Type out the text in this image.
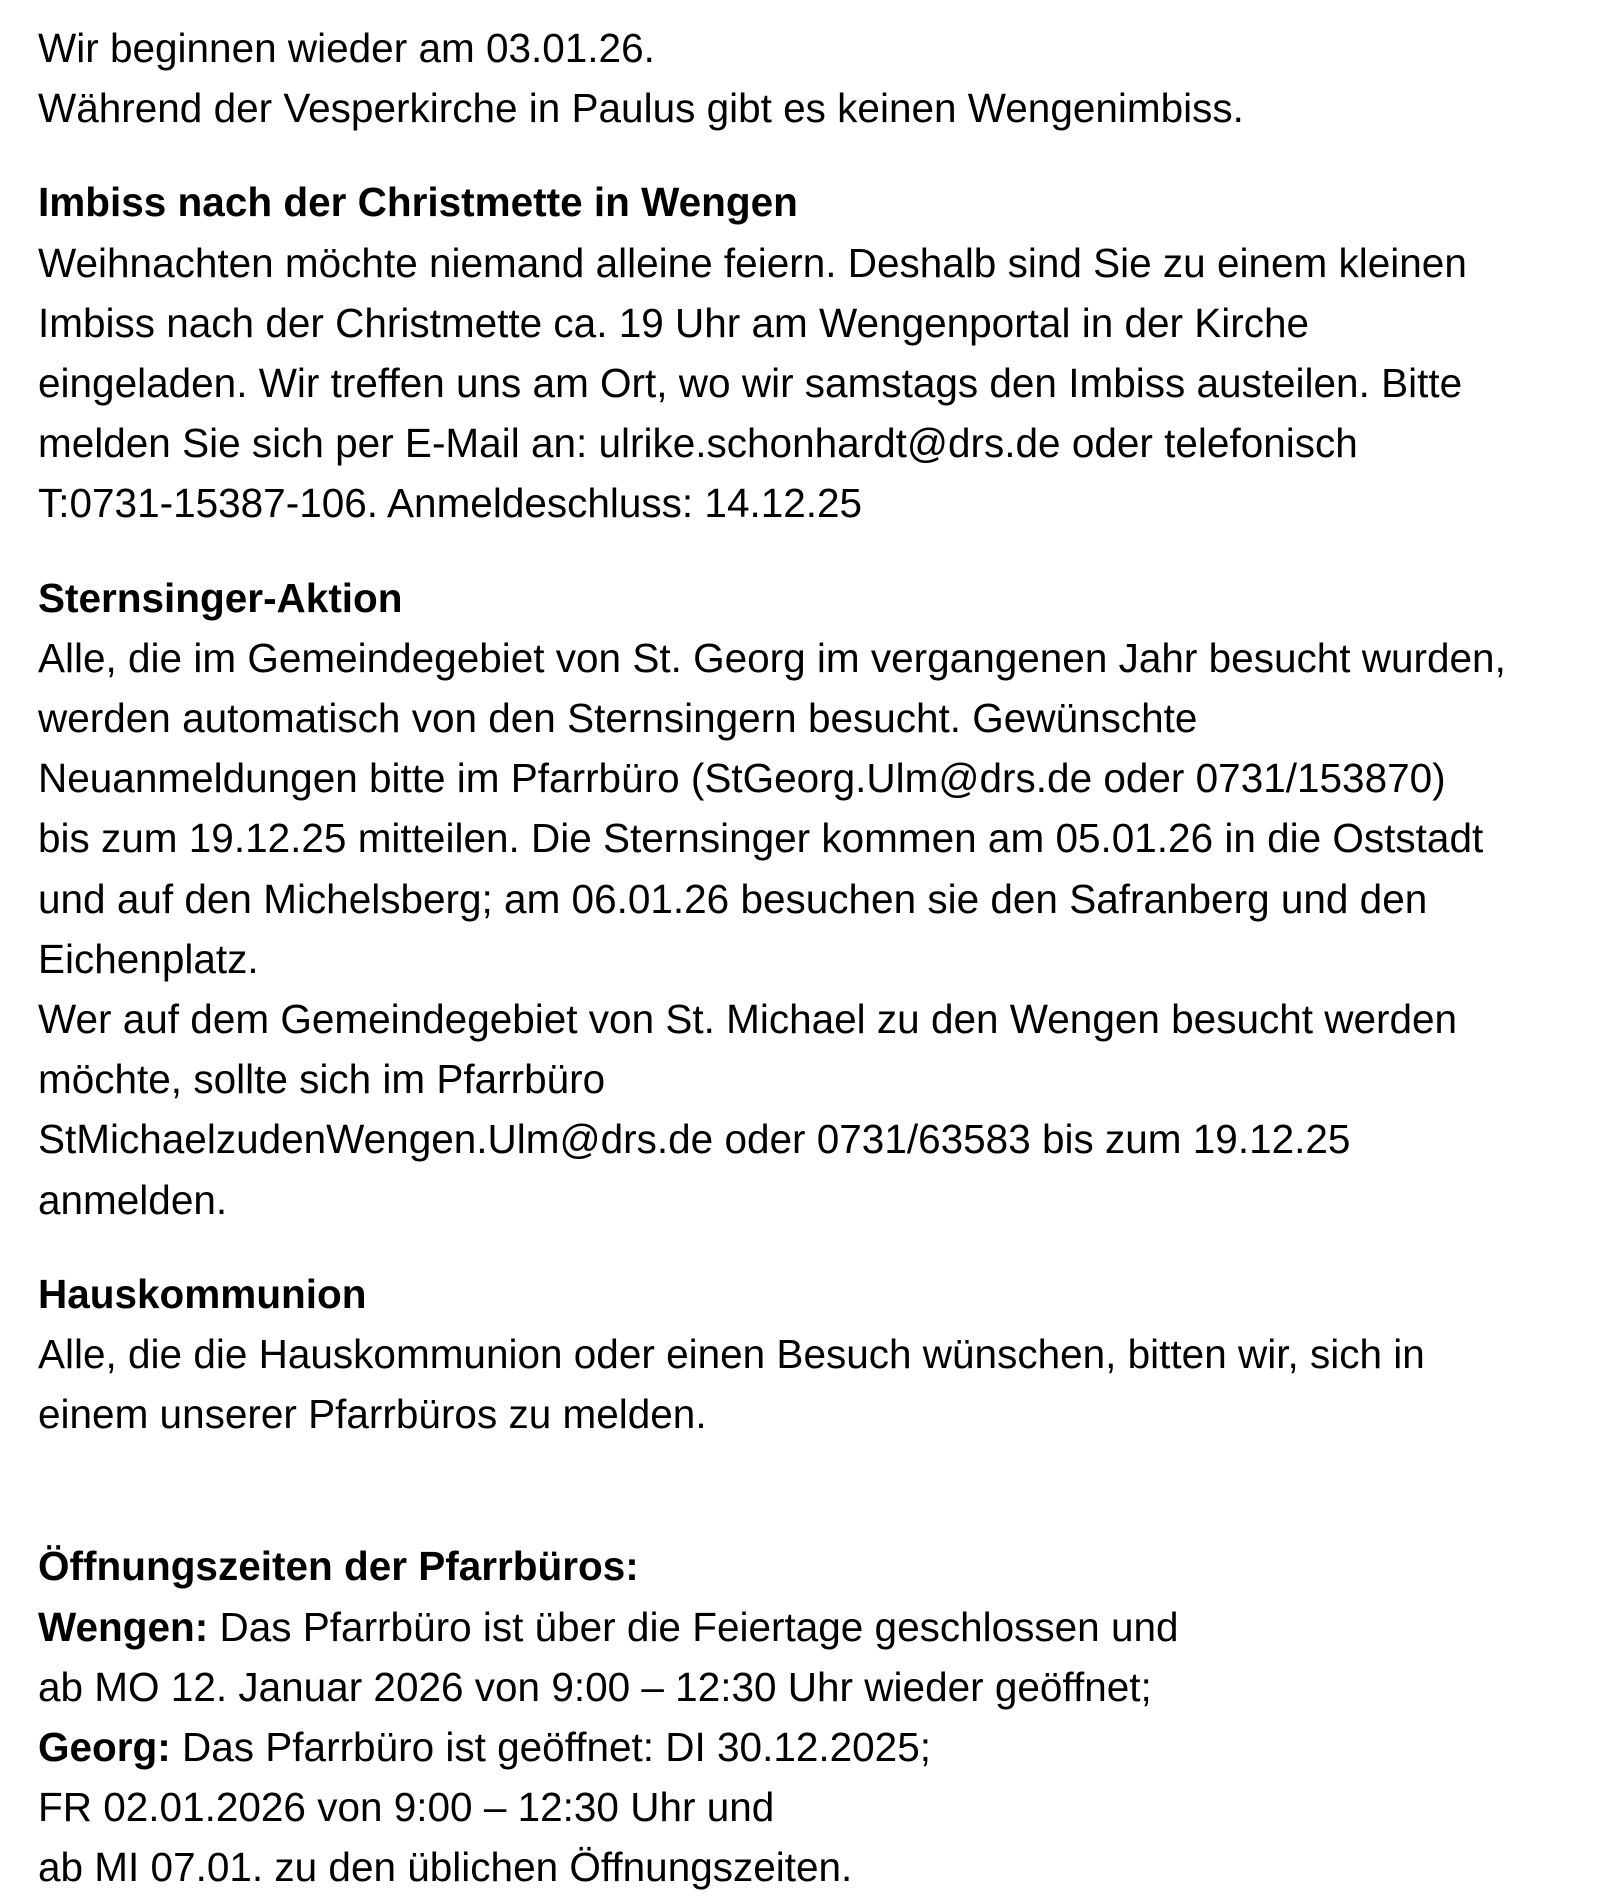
Wir beginnen wieder am 03.01.26.
Während der Vesperkirche in Paulus gibt es keinen Wengenimbiss.
Imbiss nach der Christmette in Wengen
Weihnachten möchte niemand alleine feiern. Deshalb sind Sie zu einem kleinen
Imbiss nach der Christmette ca. 19 Uhr am Wengenportal in der Kirche
eingeladen. Wir treffen uns am Ort, wo wir samstags den Imbiss austeilen. Bitte
melden Sie sich per E-Mail an: ulrike.schonhardt@drs.de oder telefonisch
T:0731-15387-106. Anmeldeschluss: 14.12.25
Sternsinger-Aktion
Alle, die im Gemeindegebiet von St. Georg im vergangenen Jahr besucht wurden,
werden automatisch von den Sternsingern besucht. Gewünschte
Neuanmeldungen bitte im Pfarrbüro (StGeorg.Ulm@drs.de oder 0731/153870)
bis zum 19.12.25 mitteilen. Die Sternsinger kommen am 05.01.26 in die Oststadt
und auf den Michelsberg; am 06.01.26 besuchen sie den Safranberg und den
Eichenplatz.
Wer auf dem Gemeindegebiet von St. Michael zu den Wengen besucht werden
möchte, sollte sich im Pfarrbüro
StMichaelzudenWengen.Ulm@drs.de oder 0731/63583 bis zum 19.12.25
anmelden.
Hauskommunion
Alle, die die Hauskommunion oder einen Besuch wünschen, bitten wir, sich in
einem unserer Pfarrbüros zu melden.
Öffnungszeiten der Pfarrbüros:
Wengen: Das Pfarrbüro ist über die Feiertage geschlossen und
ab MO 12. Januar 2026 von 9:00 – 12:30 Uhr wieder geöffnet;
Georg: Das Pfarrbüro ist geöffnet: DI 30.12.2025;
FR 02.01.2026 von 9:00 – 12:30 Uhr und
ab MI 07.01. zu den üblichen Öffnungszeiten.
